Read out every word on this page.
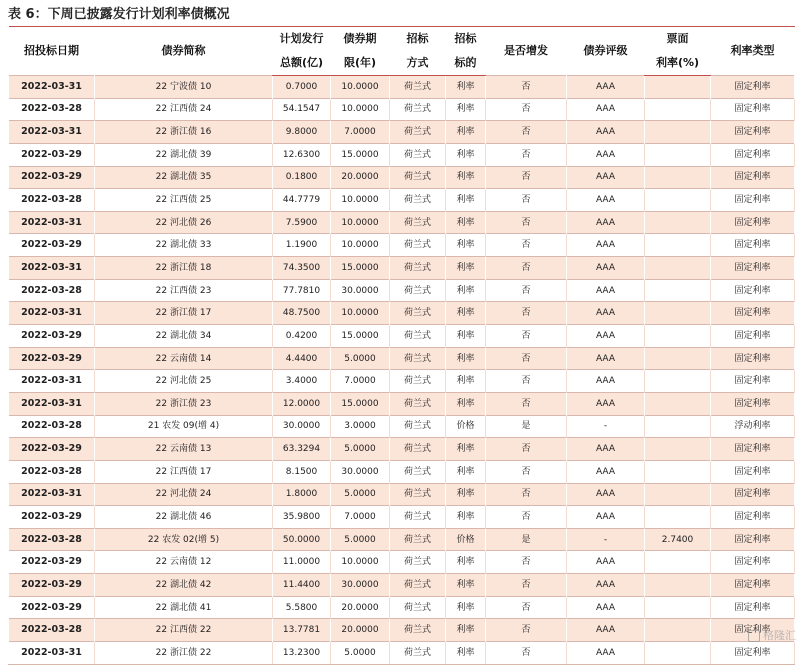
表 6：下周已披露发行计划利率债概况
招投标日期	债券简称	计划发行	债券期	招标	招标	是否增发	债券评级	票面	利率类型
		总额(亿)	限(年)	方式	标的			利率(%)	
2022-03-31	22 宁波债 10	0.7000	10.0000	荷兰式	利率	否	AAA		固定利率
2022-03-28	22 江西债 24	54.1547	10.0000	荷兰式	利率	否	AAA		固定利率
2022-03-31	22 浙江债 16	9.8000	7.0000	荷兰式	利率	否	AAA		固定利率
2022-03-29	22 湖北债 39	12.6300	15.0000	荷兰式	利率	否	AAA		固定利率
2022-03-29	22 湖北债 35	0.1800	20.0000	荷兰式	利率	否	AAA		固定利率
2022-03-28	22 江西债 25	44.7779	10.0000	荷兰式	利率	否	AAA		固定利率
2022-03-31	22 河北债 26	7.5900	10.0000	荷兰式	利率	否	AAA		固定利率
2022-03-29	22 湖北债 33	1.1900	10.0000	荷兰式	利率	否	AAA		固定利率
2022-03-31	22 浙江债 18	74.3500	15.0000	荷兰式	利率	否	AAA		固定利率
2022-03-28	22 江西债 23	77.7810	30.0000	荷兰式	利率	否	AAA		固定利率
2022-03-31	22 浙江债 17	48.7500	10.0000	荷兰式	利率	否	AAA		固定利率
2022-03-29	22 湖北债 34	0.4200	15.0000	荷兰式	利率	否	AAA		固定利率
2022-03-29	22 云南债 14	4.4400	5.0000	荷兰式	利率	否	AAA		固定利率
2022-03-31	22 河北债 25	3.4000	7.0000	荷兰式	利率	否	AAA		固定利率
2022-03-31	22 浙江债 23	12.0000	15.0000	荷兰式	利率	否	AAA		固定利率
2022-03-28	21 农发 09(增 4)	30.0000	3.0000	荷兰式	价格	是	-		浮动利率
2022-03-29	22 云南债 13	63.3294	5.0000	荷兰式	利率	否	AAA		固定利率
2022-03-28	22 江西债 17	8.1500	30.0000	荷兰式	利率	否	AAA		固定利率
2022-03-31	22 河北债 24	1.8000	5.0000	荷兰式	利率	否	AAA		固定利率
2022-03-29	22 湖北债 46	35.9800	7.0000	荷兰式	利率	否	AAA		固定利率
2022-03-28	22 农发 02(增 5)	50.0000	5.0000	荷兰式	价格	是	-	2.7400	固定利率
2022-03-29	22 云南债 12	11.0000	10.0000	荷兰式	利率	否	AAA		固定利率
2022-03-29	22 湖北债 42	11.4400	30.0000	荷兰式	利率	否	AAA		固定利率
2022-03-29	22 湖北债 41	5.5800	20.0000	荷兰式	利率	否	AAA		固定利率
2022-03-28	22 江西债 22	13.7781	20.0000	荷兰式	利率	否	AAA		固定利率
2022-03-31	22 浙江债 22	13.2300	5.0000	荷兰式	利率	否	AAA		固定利率
格隆汇
